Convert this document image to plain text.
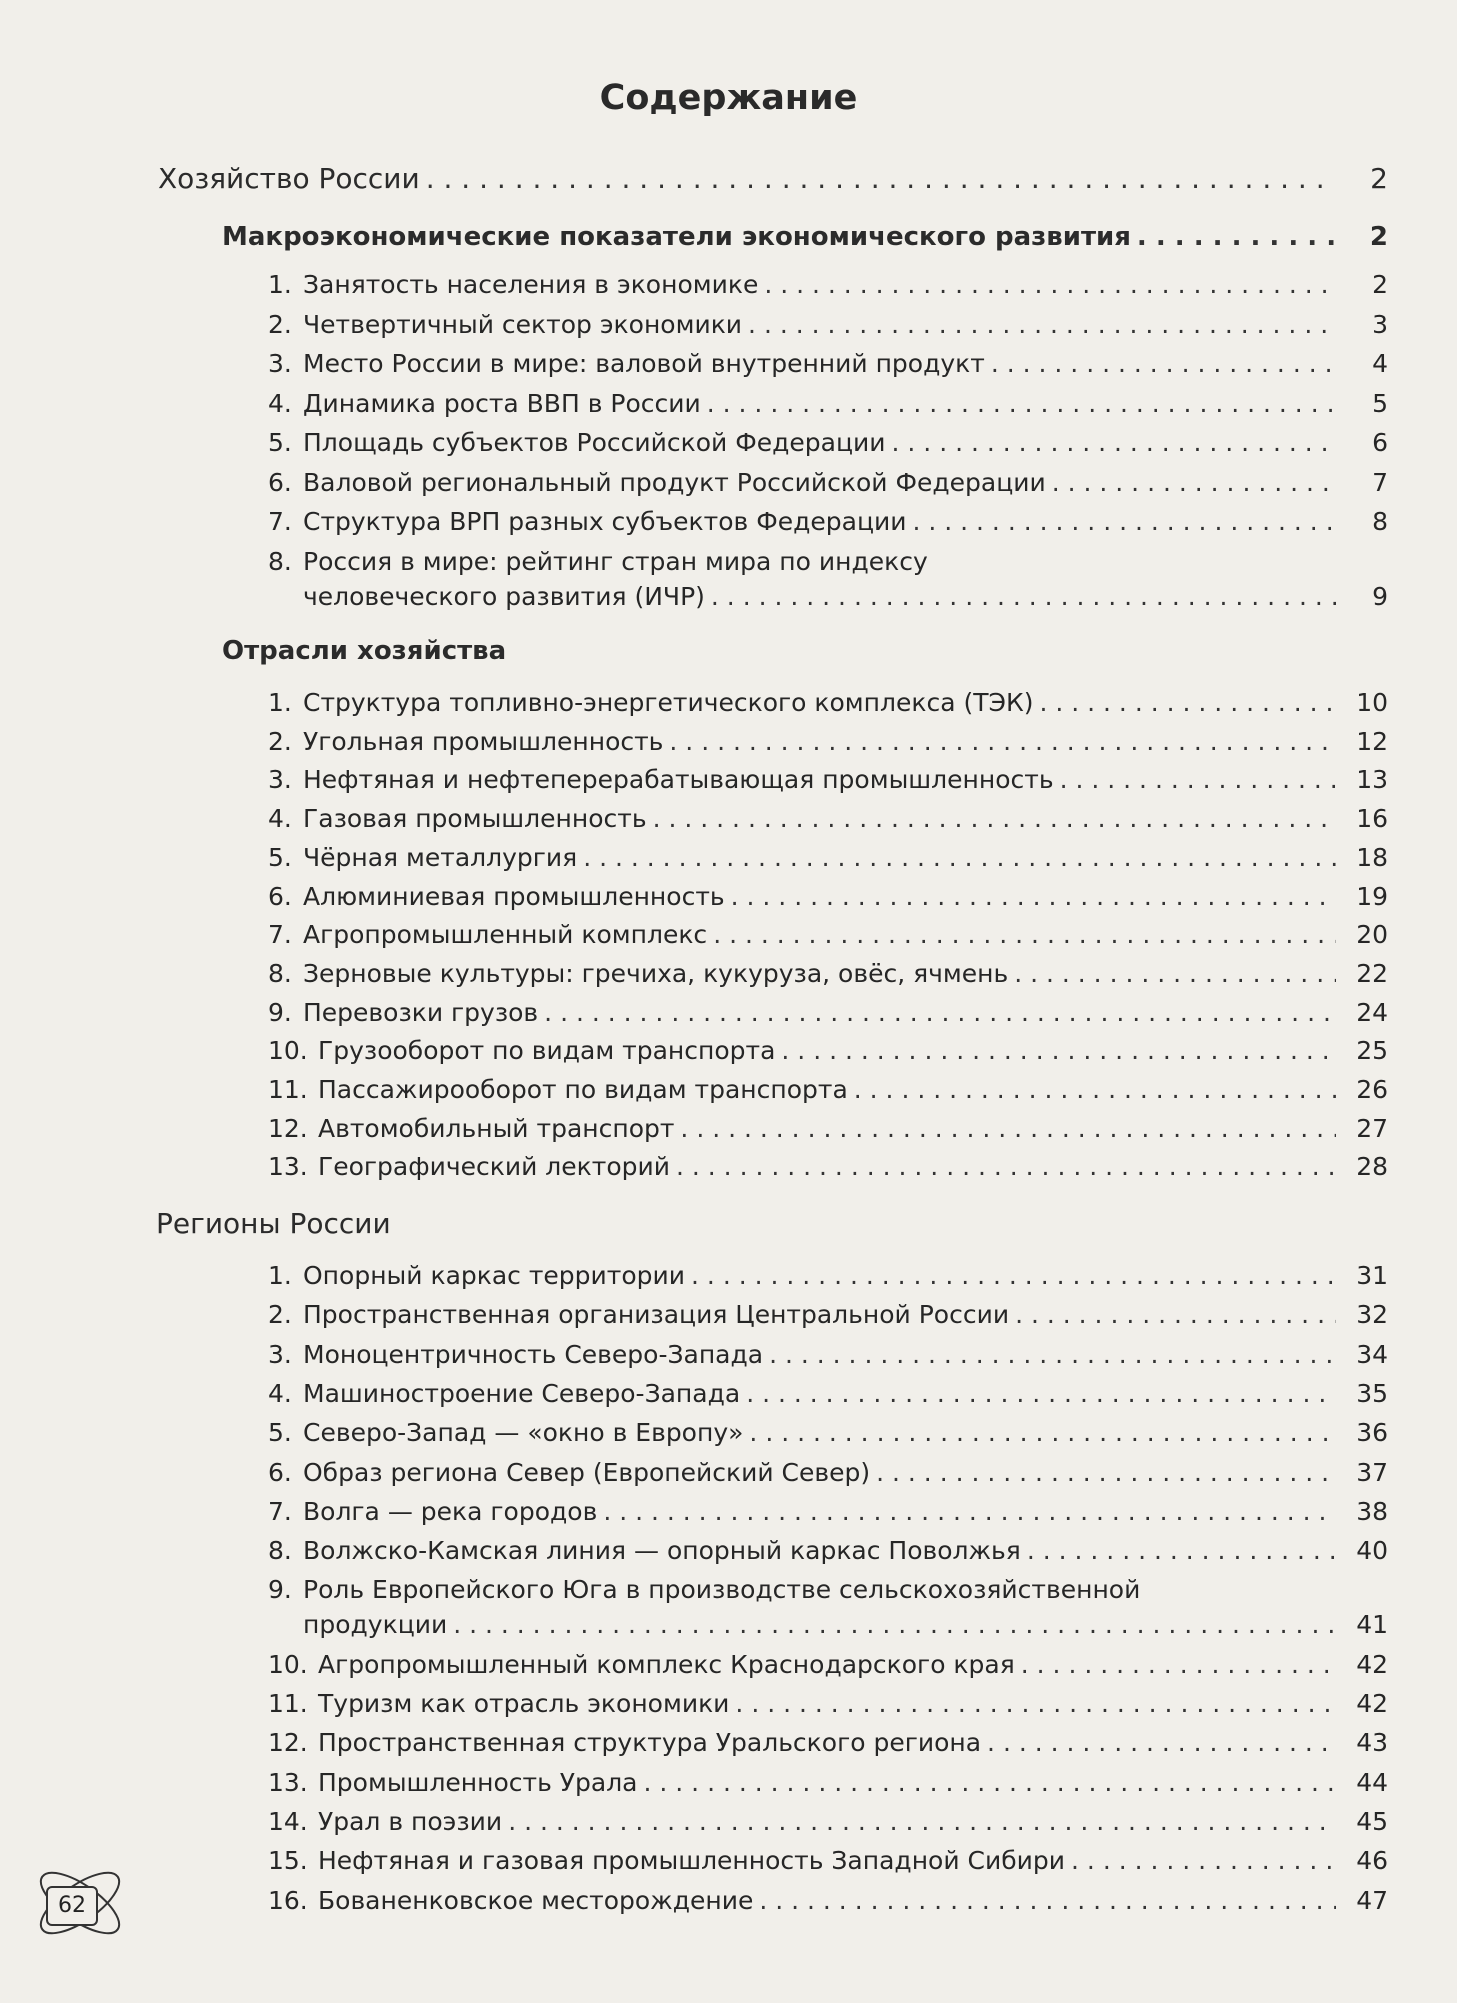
Содержание
Хозяйство России . . .	2
Макроэкономические показатели экономического развития . . .	2
1. Занятость населения в экономике . . .	2
2. Четвертичный сектор экономики . . .	3
3. Место России в мире: валовой внутренний продукт . . .	4
4. Динамика роста ВВП в России . . .	5
5. Площадь субъектов Российской Федерации . . .	6
6. Валовой региональный продукт Российской Федерации . . .	7
7. Структура ВРП разных субъектов Федерации . . .	8
8. Россия в мире: рейтинг стран мира по индексу
человеческого развития (ИЧР) . . .	9
Отрасли хозяйства
1. Структура топливно-энергетического комплекса (ТЭК) . . .	10
2. Угольная промышленность . . .	12
3. Нефтяная и нефтеперерабатывающая промышленность . . .	13
4. Газовая промышленность . . .	16
5. Чёрная металлургия . . .	18
6. Алюминиевая промышленность . . .	19
7. Агропромышленный комплекс . . .	20
8. Зерновые культуры: гречиха, кукуруза, овёс, ячмень . . .	22
9. Перевозки грузов . . .	24
10. Грузооборот по видам транспорта . . .	25
11. Пассажирооборот по видам транспорта . . .	26
12. Автомобильный транспорт . . .	27
13. Географический лекторий . . .	28
Регионы России
1. Опорный каркас территории . . .	31
2. Пространственная организация Центральной России . . .	32
3. Моноцентричность Северо-Запада . . .	34
4. Машиностроение Северо-Запада . . .	35
5. Северо-Запад — «окно в Европу» . . .	36
6. Образ региона Север (Европейский Север) . . .	37
7. Волга — река городов . . .	38
8. Волжско-Камская линия — опорный каркас Поволжья . . .	40
9. Роль Европейского Юга в производстве сельскохозяйственной
продукции . . .	41
10. Агропромышленный комплекс Краснодарского края . . .	42
11. Туризм как отрасль экономики . . .	42
12. Пространственная структура Уральского региона . . .	43
13. Промышленность Урала . . .	44
14. Урал в поэзии . . .	45
15. Нефтяная и газовая промышленность Западной Сибири . . .	46
16. Бованенковское месторождение . . .	47
62
